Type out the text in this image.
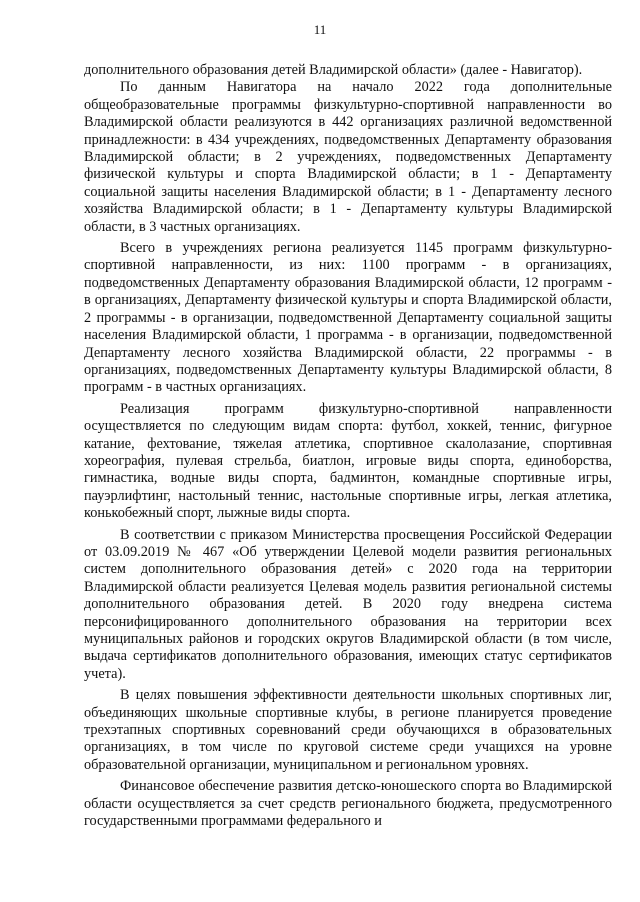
11

дополнительного образования детей Владимирской области» (далее - Навигатор).

По данным Навигатора на начало 2022 года дополнительные общеобразовательные программы физкультурно-спортивной направленности во Владимирской области реализуются в 442 организациях различной ведомственной принадлежности: в 434 учреждениях, подведомственных Департаменту образования Владимирской области; в 2 учреждениях, подведомственных Департаменту физической культуры и спорта Владимирской области; в 1 - Департаменту социальной защиты населения Владимирской области; в 1 - Департаменту лесного хозяйства Владимирской области; в 1 - Департаменту культуры Владимирской области, в 3 частных организациях.

Всего в учреждениях региона реализуется 1145 программ физкультурно-спортивной направленности, из них: 1100 программ - в организациях, подведомственных Департаменту образования Владимирской области, 12 программ - в организациях, Департаменту физической культуры и спорта Владимирской области, 2 программы - в организации, подведомственной Департаменту социальной защиты населения Владимирской области, 1 программа - в организации, подведомственной Департаменту лесного хозяйства Владимирской области, 22 программы - в организациях, подведомственных Департаменту культуры Владимирской области, 8 программ - в частных организациях.

Реализация программ физкультурно-спортивной направленности осуществляется по следующим видам спорта: футбол, хоккей, теннис, фигурное катание, фехтование, тяжелая атлетика, спортивное скалолазание, спортивная хореография, пулевая стрельба, биатлон, игровые виды спорта, единоборства, гимнастика, водные виды спорта, бадминтон, командные спортивные игры, пауэрлифтинг, настольный теннис, настольные спортивные игры, легкая атлетика, конькобежный спорт, лыжные виды спорта.

В соответствии с приказом Министерства просвещения Российской Федерации от 03.09.2019 № 467 «Об утверждении Целевой модели развития региональных систем дополнительного образования детей» с 2020 года на территории Владимирской области реализуется Целевая модель развития региональной системы дополнительного образования детей. В 2020 году внедрена система персонифицированного дополнительного образования на территории всех муниципальных районов и городских округов Владимирской области (в том числе, выдача сертификатов дополнительного образования, имеющих статус сертификатов учета).

В целях повышения эффективности деятельности школьных спортивных лиг, объединяющих школьные спортивные клубы, в регионе планируется проведение трехэтапных спортивных соревнований среди обучающихся в образовательных организациях, в том числе по круговой системе среди учащихся на уровне образовательной организации, муниципальном и региональном уровнях.

Финансовое обеспечение развития детско-юношеского спорта во Владимирской области осуществляется за счет средств регионального бюджета, предусмотренного государственными программами федерального и
